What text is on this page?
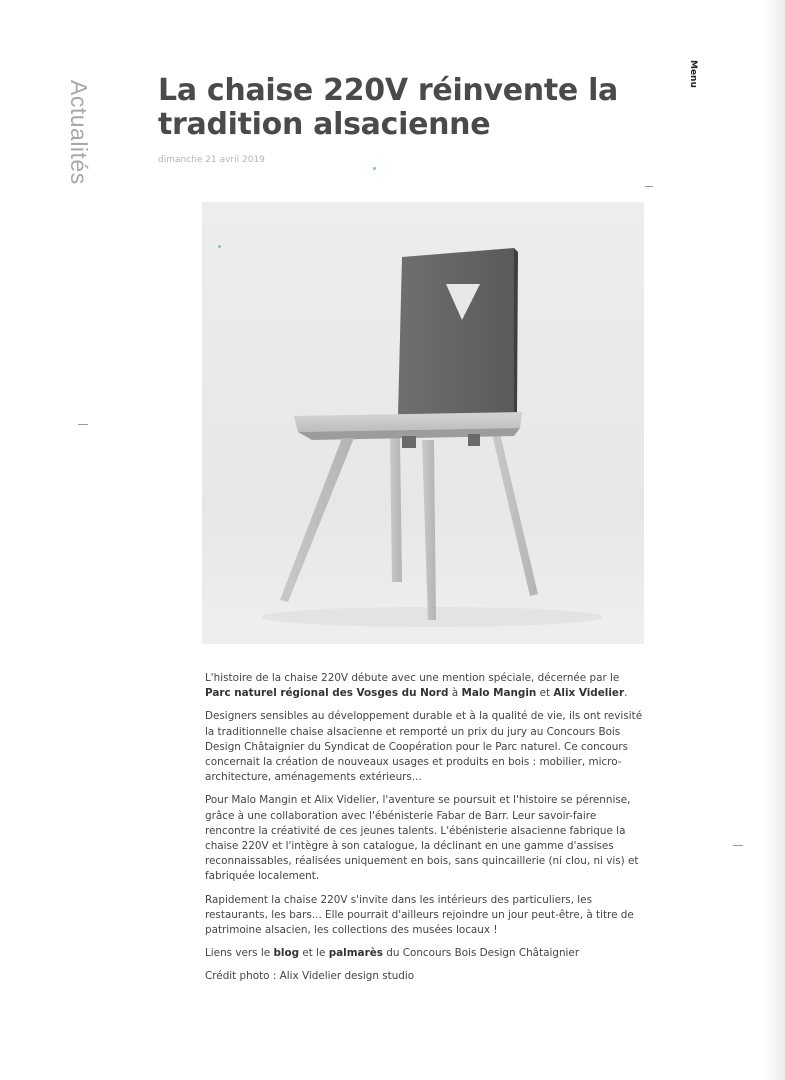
Actualités
Menu
La chaise 220V réinvente la tradition alsacienne
dimanche 21 avril 2019

L'histoire de la chaise 220V débute avec une mention spéciale, décernée par le Parc naturel régional des Vosges du Nord à Malo Mangin et Alix Videlier.

Designers sensibles au développement durable et à la qualité de vie, ils ont revisité la traditionnelle chaise alsacienne et remporté un prix du jury au Concours Bois Design Châtaignier du Syndicat de Coopération pour le Parc naturel. Ce concours concernait la création de nouveaux usages et produits en bois : mobilier, micro-architecture, aménagements extérieurs...

Pour Malo Mangin et Alix Videlier, l'aventure se poursuit et l'histoire se pérennise, grâce à une collaboration avec l'ébénisterie Fabar de Barr. Leur savoir-faire rencontre la créativité de ces jeunes talents. L'ébénisterie alsacienne fabrique la chaise 220V et l'intègre à son catalogue, la déclinant en une gamme d'assises reconnaissables, réalisées uniquement en bois, sans quincaillerie (ni clou, ni vis) et fabriquée localement.

Rapidement la chaise 220V s'invite dans les intérieurs des particuliers, les restaurants, les bars... Elle pourrait d'ailleurs rejoindre un jour peut-être, à titre de patrimoine alsacien, les collections des musées locaux !

Liens vers le blog et le palmarès du Concours Bois Design Châtaignier

Crédit photo : Alix Videlier design studio
